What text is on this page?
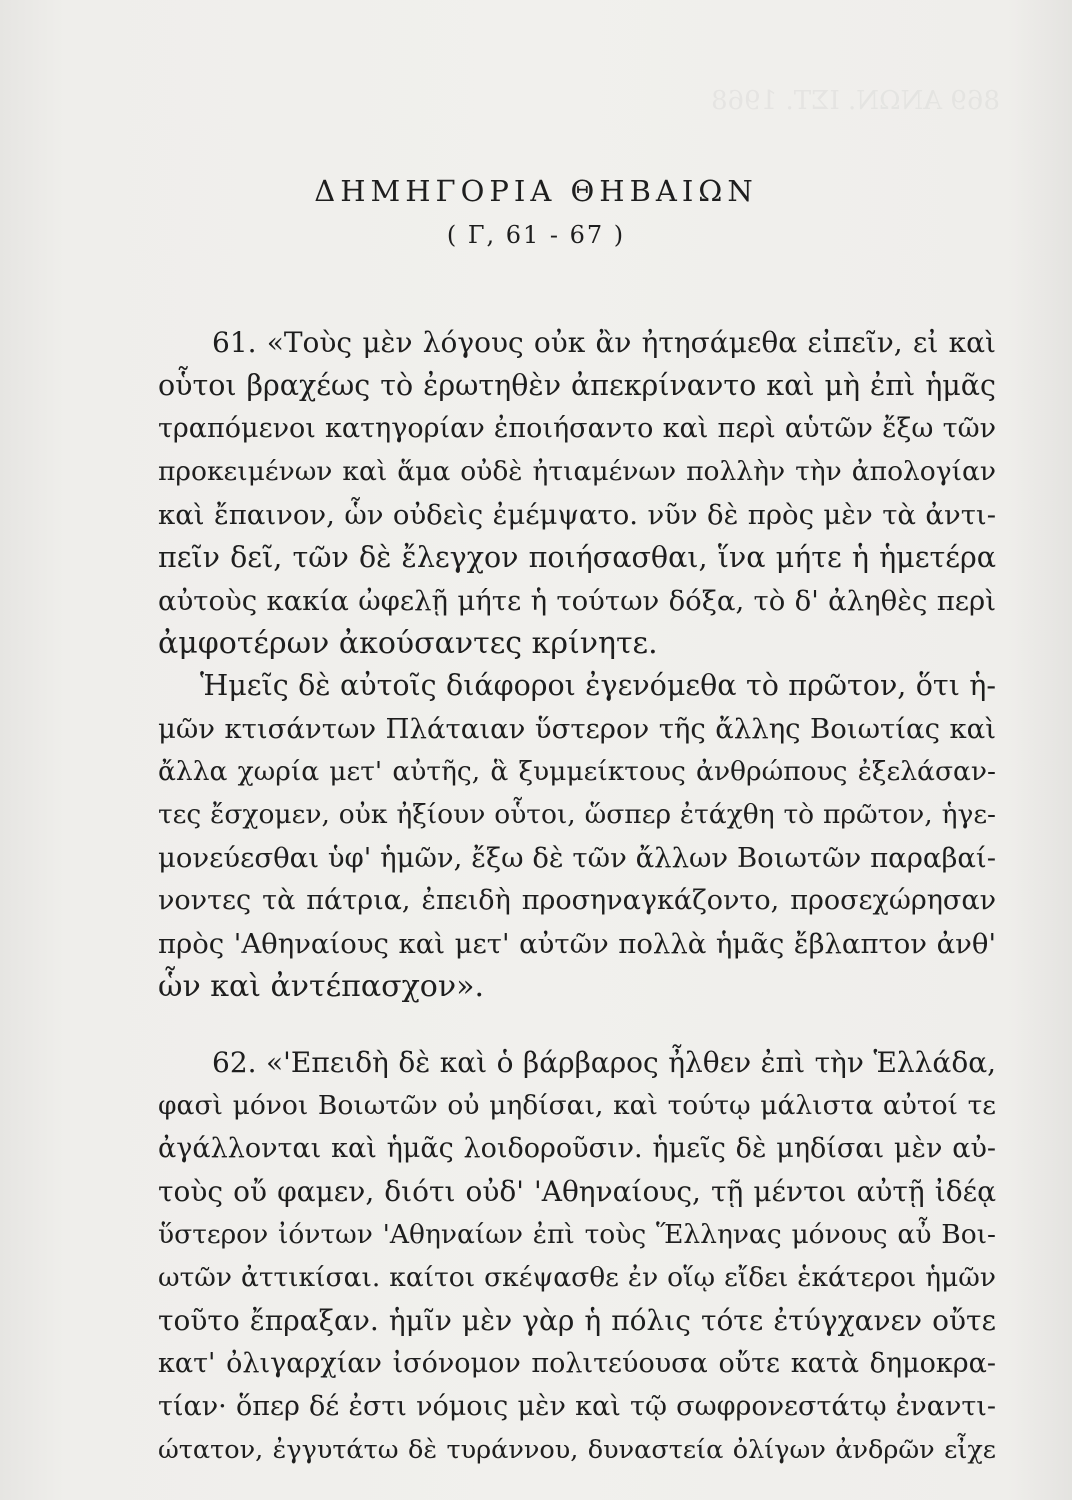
869 ΑΝΩΝ. ΙΣΤ. 1968
ΔΗΜΗΓΟΡΙΑ ΘΗΒΑΙΩΝ
( Γ, 61 - 67 )
61. «Τοὺς μὲν λόγους οὐκ ἂν ἠτησάμεθα εἰπεῖν, εἰ καὶ
οὗτοι βραχέως τὸ ἐρωτηθὲν ἀπεκρίναντο καὶ μὴ ἐπὶ ἡμᾶς
τραπόμενοι κατηγορίαν ἐποιήσαντο καὶ περὶ αὑτῶν ἔξω τῶν
προκειμένων καὶ ἅμα οὐδὲ ἠτιαμένων πολλὴν τὴν ἀπολογίαν
καὶ ἔπαινον, ὧν οὐδεὶς ἐμέμψατο. νῦν δὲ πρὸς μὲν τὰ ἀντι-
πεῖν δεῖ, τῶν δὲ ἔλεγχον ποιήσασθαι, ἵνα μήτε ἡ ἡμετέρα
αὐτοὺς κακία ὠφελῇ μήτε ἡ τούτων δόξα, τὸ δ' ἀληθὲς περὶ
ἀμφοτέρων ἀκούσαντες κρίνητε.
Ἡμεῖς δὲ αὐτοῖς διάφοροι ἐγενόμεθα τὸ πρῶτον, ὅτι ἡ-
μῶν κτισάντων Πλάταιαν ὕστερον τῆς ἄλλης Βοιωτίας καὶ
ἄλλα χωρία μετ' αὐτῆς, ἃ ξυμμείκτους ἀνθρώπους ἐξελάσαν-
τες ἔσχομεν, οὐκ ἠξίουν οὗτοι, ὥσπερ ἐτάχθη τὸ πρῶτον, ἡγε-
μονεύεσθαι ὑφ' ἡμῶν, ἔξω δὲ τῶν ἄλλων Βοιωτῶν παραβαί-
νοντες τὰ πάτρια, ἐπειδὴ προσηναγκάζοντο, προσεχώρησαν
πρὸς 'Αθηναίους καὶ μετ' αὐτῶν πολλὰ ἡμᾶς ἔβλαπτον ἀνθ'
ὧν καὶ ἀντέπασχον».
62. «'Επειδὴ δὲ καὶ ὁ βάρβαρος ἦλθεν ἐπὶ τὴν Ἑλλάδα,
φασὶ μόνοι Βοιωτῶν οὐ μηδίσαι, καὶ τούτῳ μάλιστα αὐτοί τε
ἀγάλλονται καὶ ἡμᾶς λοιδοροῦσιν. ἡμεῖς δὲ μηδίσαι μὲν αὐ-
τοὺς οὔ φαμεν, διότι οὐδ' 'Αθηναίους, τῇ μέντοι αὐτῇ ἰδέᾳ
ὕστερον ἰόντων 'Αθηναίων ἐπὶ τοὺς Ἕλληνας μόνους αὖ Βοι-
ωτῶν ἀττικίσαι. καίτοι σκέψασθε ἐν οἵῳ εἴδει ἑκάτεροι ἡμῶν
τοῦτο ἔπραξαν. ἡμῖν μὲν γὰρ ἡ πόλις τότε ἐτύγχανεν οὔτε
κατ' ὀλιγαρχίαν ἰσόνομον πολιτεύουσα οὔτε κατὰ δημοκρα-
τίαν· ὅπερ δέ ἐστι νόμοις μὲν καὶ τῷ σωφρονεστάτῳ ἐναντι-
ώτατον, ἐγγυτάτω δὲ τυράννου, δυναστεία ὀλίγων ἀνδρῶν εἶχε
